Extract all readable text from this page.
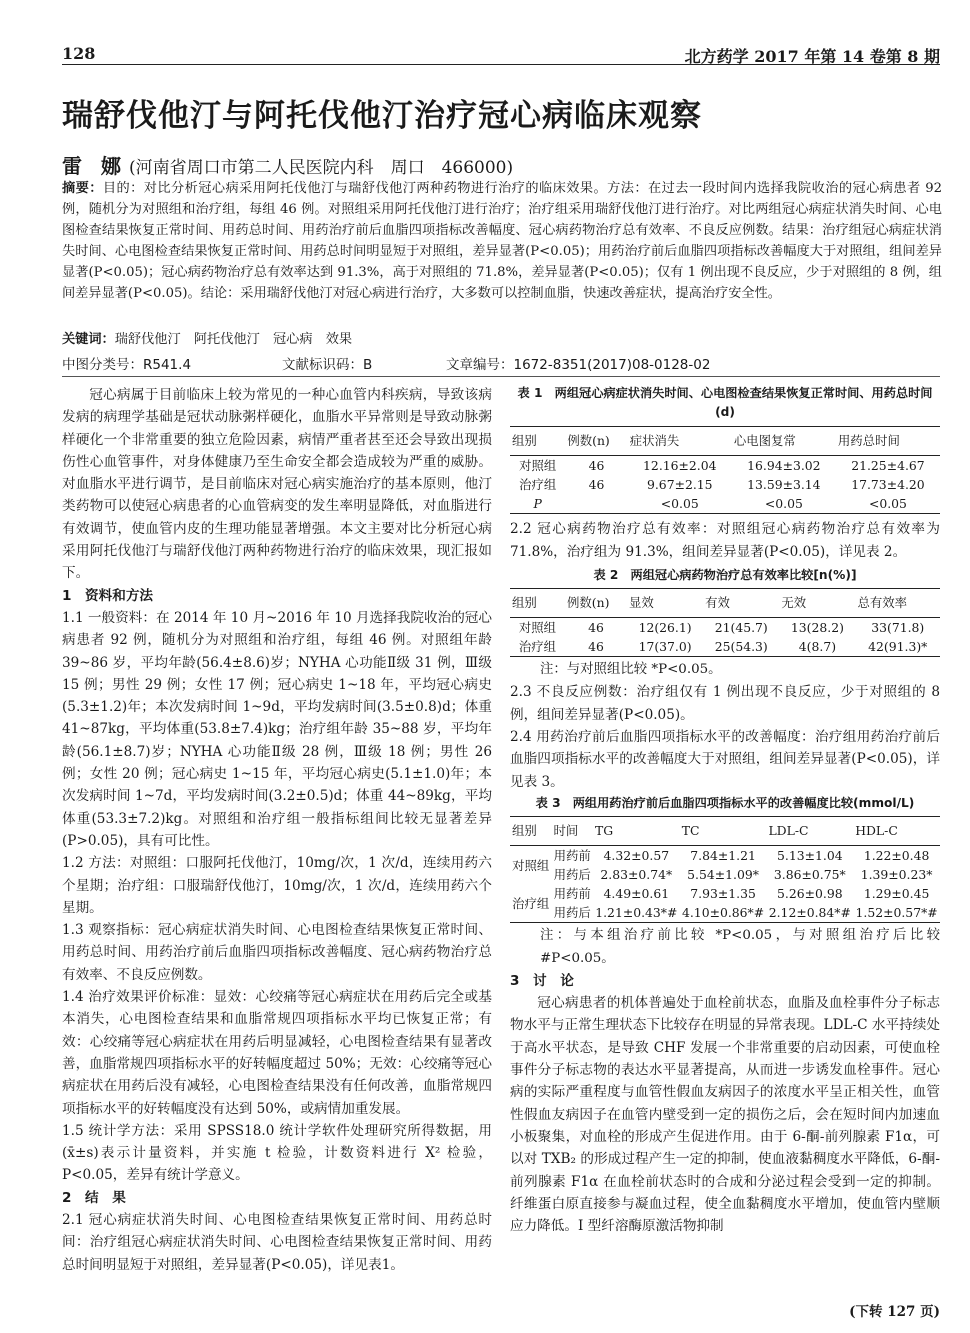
128	北方药学 2017 年第 14 卷第 8 期
瑞舒伐他汀与阿托伐他汀治疗冠心病临床观察
雷 娜 (河南省周口市第二人民医院内科　周口　466000)
摘要：目的：对比分析冠心病采用阿托伐他汀与瑞舒伐他汀两种药物进行治疗的临床效果。方法：在过去一段时间内选择我院收治的冠心病患者 92 例，随机分为对照组和治疗组，每组 46 例。对照组采用阿托伐他汀进行治疗；治疗组采用瑞舒伐他汀进行治疗。对比两组冠心病症状消失时间、心电图检查结果恢复正常时间、用药总时间、用药治疗前后血脂四项指标改善幅度、冠心病药物治疗总有效率、不良反应例数。结果：治疗组冠心病症状消失时间、心电图检查结果恢复正常时间、用药总时间明显短于对照组，差异显著(P<0.05)；用药治疗前后血脂四项指标改善幅度大于对照组，组间差异显著(P<0.05)；冠心病药物治疗总有效率达到 91.3%，高于对照组的 71.8%，差异显著(P<0.05)；仅有 1 例出现不良反应，少于对照组的 8 例，组间差异显著(P<0.05)。结论：采用瑞舒伐他汀对冠心病进行治疗，大多数可以控制血脂，快速改善症状，提高治疗安全性。
关键词：瑞舒伐他汀　阿托伐他汀　冠心病　效果
中图分类号：R541.4	文献标识码：B	文章编号：1672-8351(2017)08-0128-02

冠心病属于目前临床上较为常见的一种心血管内科疾病，导致该病发病的病理学基础是冠状动脉粥样硬化，血脂水平异常则是导致动脉粥样硬化一个非常重要的独立危险因素，病情严重者甚至还会导致出现损伤性心血管事件，对身体健康乃至生命安全都会造成较为严重的威胁。对血脂水平进行调节，是目前临床对冠心病实施治疗的基本原则，他汀类药物可以使冠心病患者的心血管病变的发生率明显降低，对血脂进行有效调节，使血管内皮的生理功能显著增强。本文主要对比分析冠心病采用阿托伐他汀与瑞舒伐他汀两种药物进行治疗的临床效果，现汇报如下。

1　资料和方法

1.1 一般资料：在 2014 年 10 月~2016 年 10 月选择我院收治的冠心病患者 92 例，随机分为对照组和治疗组，每组 46 例。对照组年龄 39~86 岁，平均年龄(56.4±8.6)岁；NYHA 心功能Ⅱ级 31 例，Ⅲ级 15 例；男性 29 例；女性 17 例；冠心病史 1~18 年，平均冠心病史(5.3±1.2)年；本次发病时间 1~9d，平均发病时间(3.5±0.8)d；体重 41~87kg，平均体重(53.8±7.4)kg；治疗组年龄 35~88 岁，平均年龄(56.1±8.7)岁；NYHA 心功能Ⅱ级 28 例，Ⅲ级 18 例；男性 26 例；女性 20 例；冠心病史 1~15 年，平均冠心病史(5.1±1.0)年；本次发病时间 1~7d，平均发病时间(3.2±0.5)d；体重 44~89kg，平均体重(53.3±7.2)kg。对照组和治疗组一般指标组间比较无显著差异(P>0.05)，具有可比性。

1.2 方法：对照组：口服阿托伐他汀，10mg/次，1 次/d，连续用药六个星期；治疗组：口服瑞舒伐他汀，10mg/次，1 次/d，连续用药六个星期。

1.3 观察指标：冠心病症状消失时间、心电图检查结果恢复正常时间、用药总时间、用药治疗前后血脂四项指标改善幅度、冠心病药物治疗总有效率、不良反应例数。

1.4 治疗效果评价标准：显效：心绞痛等冠心病症状在用药后完全或基本消失，心电图检查结果和血脂常规四项指标水平均已恢复正常；有效：心绞痛等冠心病症状在用药后明显减轻，心电图检查结果有显著改善，血脂常规四项指标水平的好转幅度超过 50%；无效：心绞痛等冠心病症状在用药后没有减轻，心电图检查结果没有任何改善，血脂常规四项指标水平的好转幅度没有达到 50%，或病情加重发展。

1.5 统计学方法：采用 SPSS18.0 统计学软件处理研究所得数据，用(x̄±s)表示计量资料，并实施 t 检验，计数资料进行 X² 检验，P<0.05，差异有统计学意义。

2　结　果

2.1 冠心病症状消失时间、心电图检查结果恢复正常时间、用药总时间：治疗组冠心病症状消失时间、心电图检查结果恢复正常时间、用药总时间明显短于对照组，差异显著(P<0.05)，详见表1。

表 1　两组冠心病症状消失时间、心电图检查结果恢复正常时间、用药总时间(d)
组别	例数(n)	症状消失	心电图复常	用药总时间
对照组	46	12.16±2.04	16.94±3.02	21.25±4.67
治疗组	46	9.67±2.15	13.59±3.14	17.73±4.20
P		<0.05	<0.05	<0.05

2.2 冠心病药物治疗总有效率：对照组冠心病药物治疗总有效率为 71.8%，治疗组为 91.3%，组间差异显著(P<0.05)，详见表 2。

表 2　两组冠心病药物治疗总有效率比较[n(%)]
组别	例数(n)	显效	有效	无效	总有效率
对照组	46	12(26.1)	21(45.7)	13(28.2)	33(71.8)
治疗组	46	17(37.0)	25(54.3)	4(8.7)	42(91.3)*

注：与对照组比较 *P<0.05。

2.3 不良反应例数：治疗组仅有 1 例出现不良反应，少于对照组的 8 例，组间差异显著(P<0.05)。

2.4 用药治疗前后血脂四项指标水平的改善幅度：治疗组用药治疗前后血脂四项指标水平的改善幅度大于对照组，组间差异显著(P<0.05)，详见表 3。

表 3　两组用药治疗前后血脂四项指标水平的改善幅度比较(mmol/L)
组别	时间	TG	TC	LDL-C	HDL-C
对照组	用药前	4.32±0.57	7.84±1.21	5.13±1.04	1.22±0.48
	用药后	2.83±0.74*	5.54±1.09*	3.86±0.75*	1.39±0.23*
治疗组	用药前	4.49±0.61	7.93±1.35	5.26±0.98	1.29±0.45
	用药后	1.21±0.43*#	4.10±0.86*#	2.12±0.84*#	1.52±0.57*#

注：与本组治疗前比较 *P<0.05，与对照组治疗后比较 #P<0.05。

3　讨　论

冠心病患者的机体普遍处于血栓前状态，血脂及血栓事件分子标志物水平与正常生理状态下比较存在明显的异常表现。LDL-C 水平持续处于高水平状态，是导致 CHF 发展一个非常重要的启动因素，可使血栓事件分子标志物的表达水平显著提高，从而进一步诱发血栓事件。冠心病的实际严重程度与血管性假血友病因子的浓度水平呈正相关性，血管性假血友病因子在血管内壁受到一定的损伤之后，会在短时间内加速血小板聚集，对血栓的形成产生促进作用。由于 6-酮-前列腺素 F1α，可以对 TXB₂ 的形成过程产生一定的抑制，使血液黏稠度水平降低，6-酮-前列腺素 F1α 在血栓前状态时的合成和分泌过程会受到一定的抑制。纤维蛋白原直接参与凝血过程，使全血黏稠度水平增加，使血管内壁顺应力降低。I 型纤溶酶原激活物抑制

(下转 127 页)
